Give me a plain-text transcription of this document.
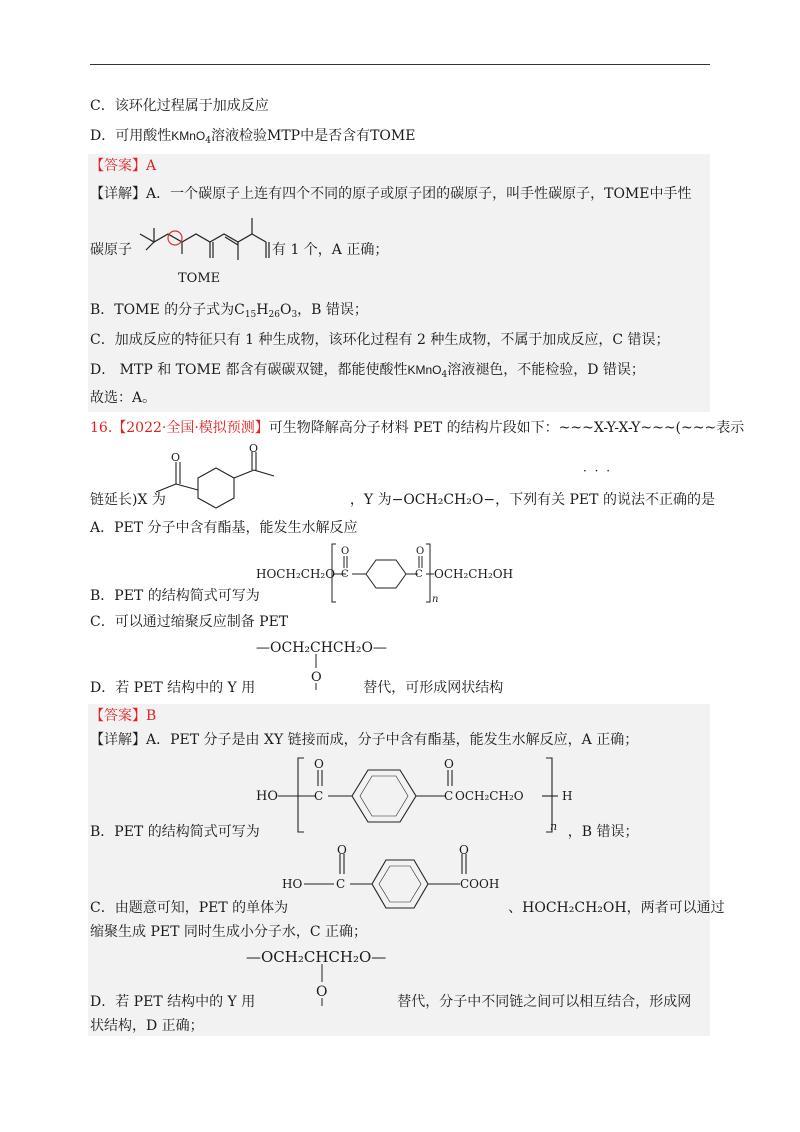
C．该环化过程属于加成反应
D．可用酸性KMnO$_4$溶液检验MTP中是否含有TOME
【答案】A
【详解】A．一个碳原子上连有四个不同的原子或原子团的碳原子，叫手性碳原子，TOME中手性
碳原子	有 1 个，A 正确；
TOME
B．TOME 的分子式为$C_{15}H_{26}O_3$，B 错误；
C．加成反应的特征只有 1 种生成物，该环化过程有 2 种生成物，不属于加成反应，C 错误；
D． MTP 和 TOME 都含有碳碳双键，都能使酸性KMnO$_4$溶液褪色，不能检验，D 错误；
故选：A。
16.【2022·全国·模拟预测】可生物降解高分子材料 PET 的结构片段如下：~~~X-Y-X-Y~~~(~~~表示
O
O
· · ·
链延长)X 为	，Y 为−OCH₂CH₂O−，下列有关 PET 的说法不正确的是
A．PET 分子中含有酯基，能发生水解反应
HOCH₂CH₂O C
O
C
O
OCH₂CH₂OH
n
B．PET 的结构简式可写为
C．可以通过缩聚反应制备 PET
—OCH₂CHCH₂O—
O
D．若 PET 结构中的 Y 用	替代，可形成网状结构
【答案】B
【详解】A．PET 分子是由 XY 链接而成，分子中含有酯基，能发生水解反应，A 正确；
HO	C
O	O
C OCH₂CH₂O	H
n
B．PET 的结构简式可写为	，B 错误；
HO	C
O	O
COOH
C．由题意可知，PET 的单体为	、HOCH₂CH₂OH，两者可以通过
缩聚生成 PET 同时生成小分子水，C 正确；
—OCH₂CHCH₂O—
O
D．若 PET 结构中的 Y 用	替代，分子中不同链之间可以相互结合，形成网
状结构，D 正确；
